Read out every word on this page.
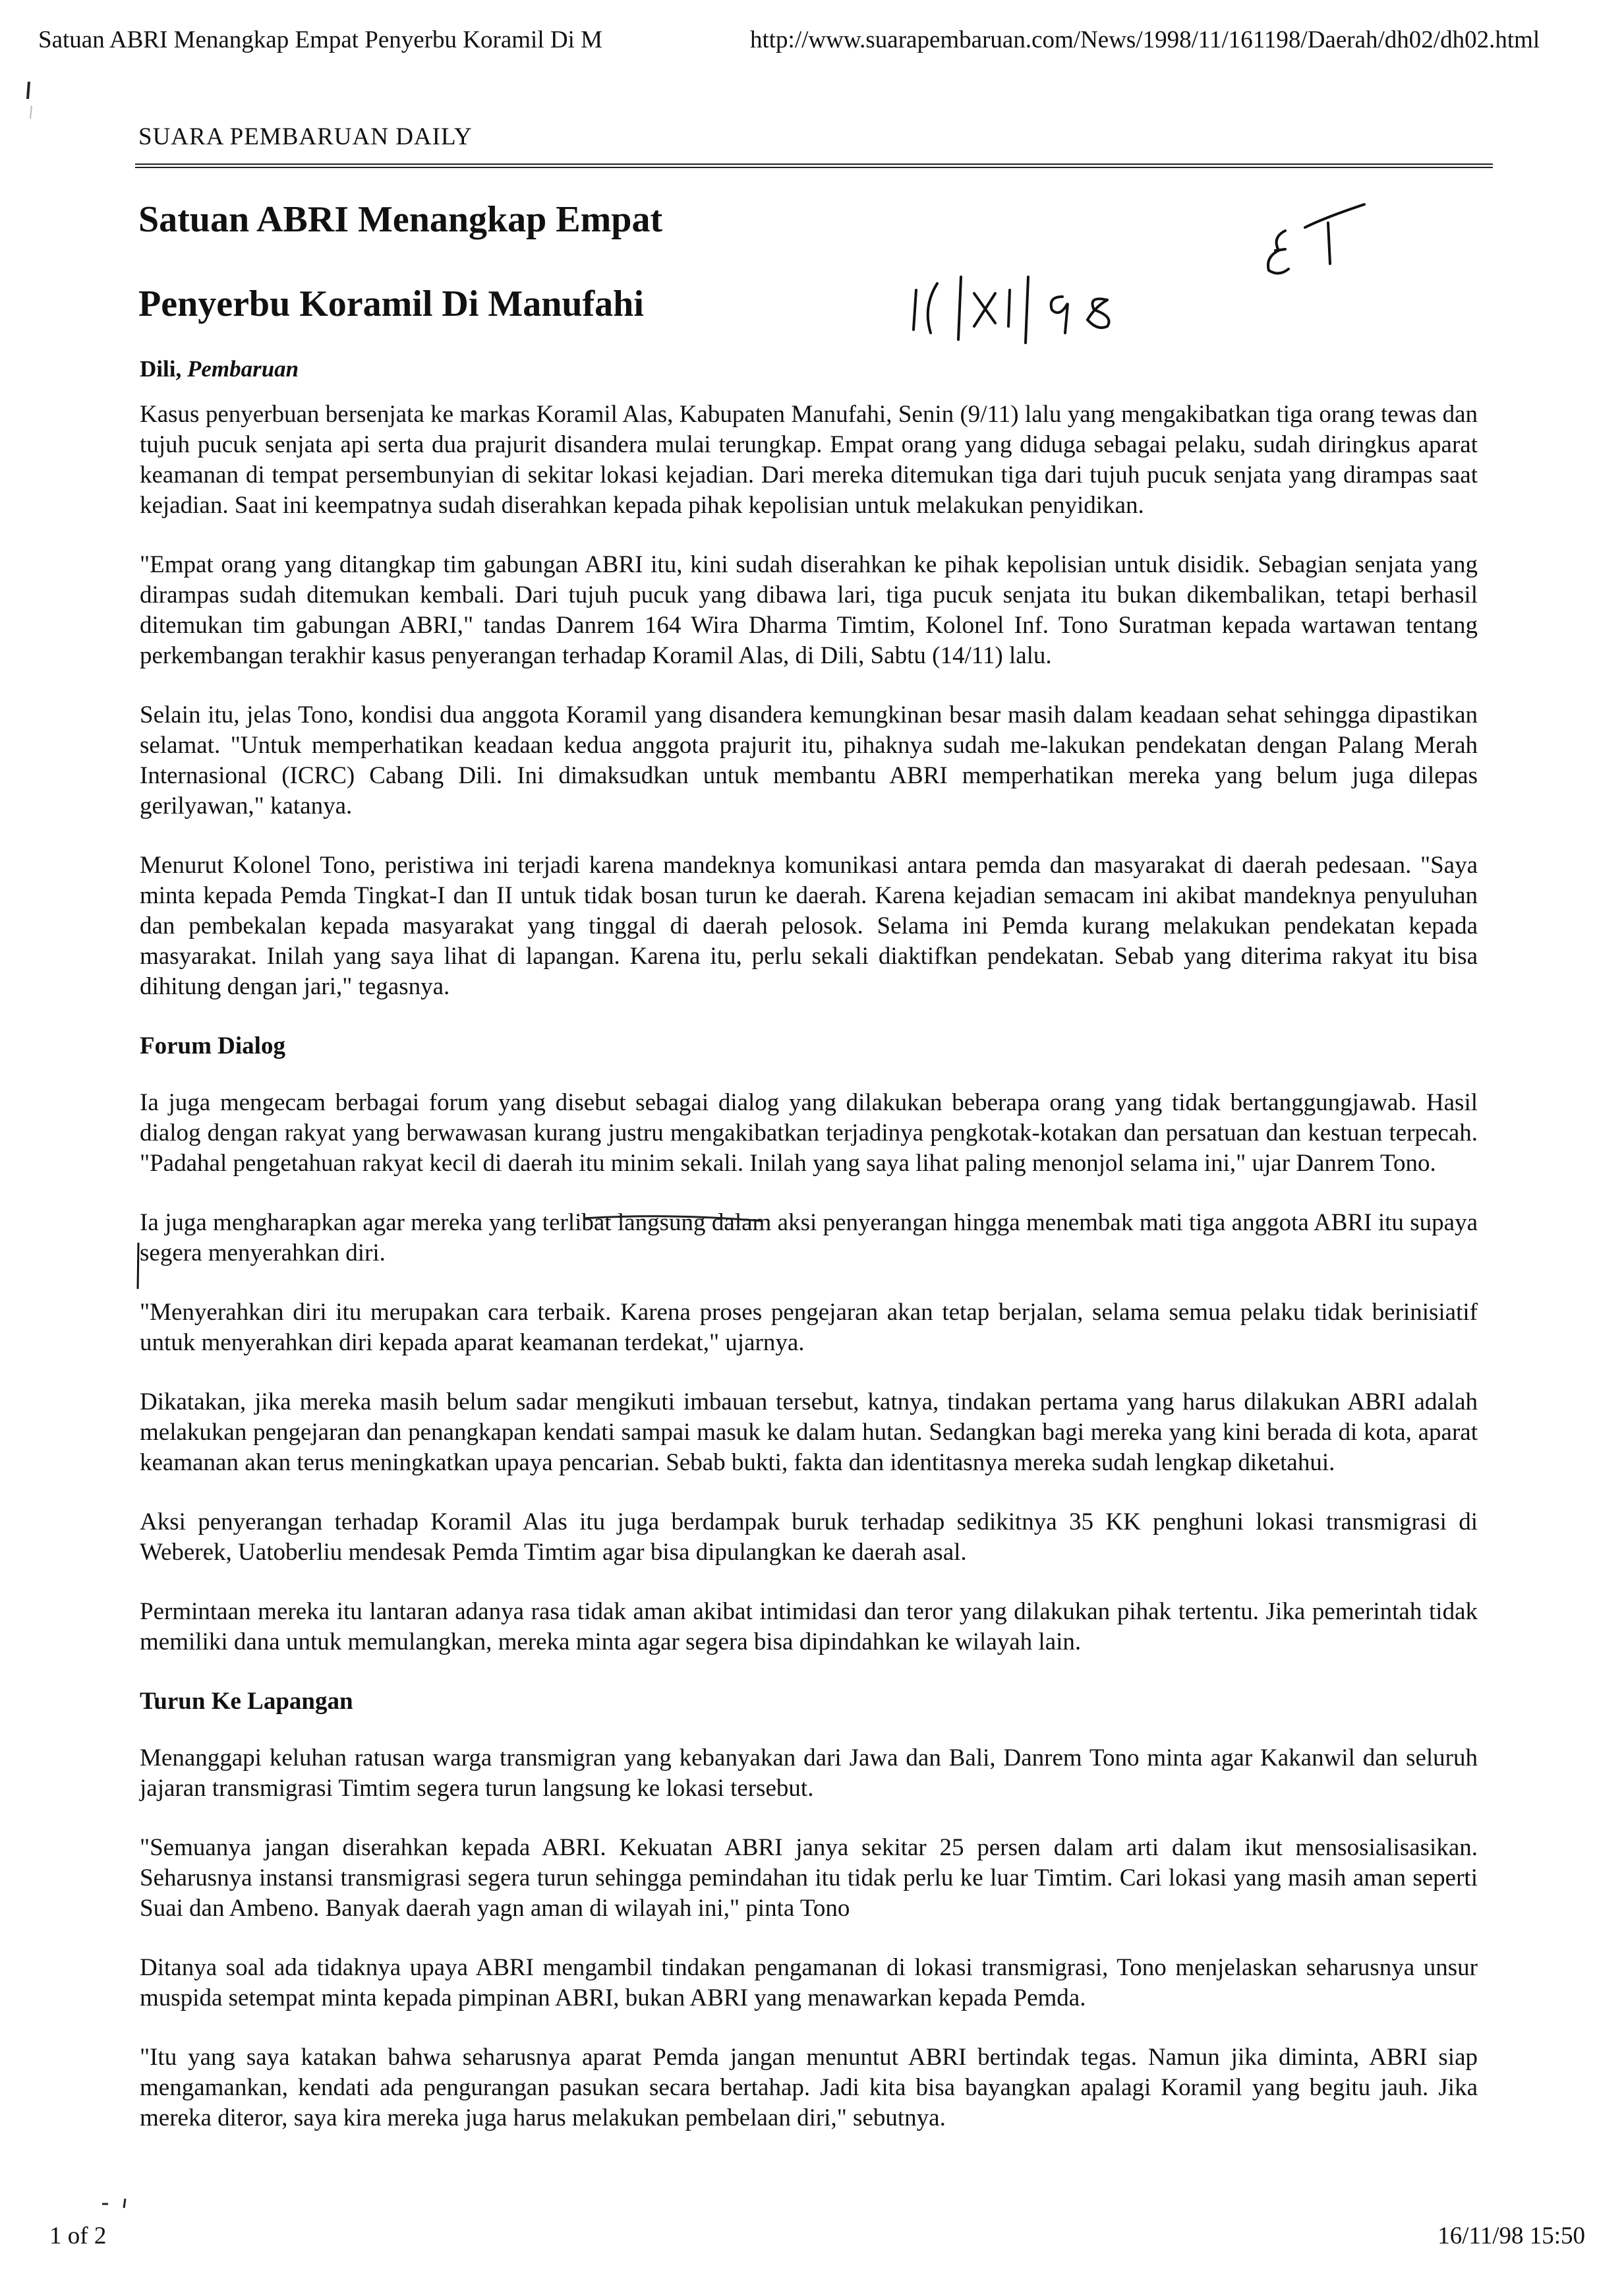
Satuan ABRI Menangkap Empat Penyerbu Koramil Di M	http://www.suarapembaruan.com/News/1998/11/161198/Daerah/dh02/dh02.html
SUARA PEMBARUAN DAILY
Satuan ABRI Menangkap Empat
Penyerbu Koramil Di Manufahi
Dili, Pembaruan

Kasus penyerbuan bersenjata ke markas Koramil Alas, Kabupaten Manufahi, Senin (9/11) lalu yang mengakibatkan tiga orang tewas dan tujuh pucuk senjata api serta dua prajurit disandera mulai terungkap. Empat orang yang diduga sebagai pelaku, sudah diringkus aparat keamanan di tempat persembunyian di sekitar lokasi kejadian. Dari mereka ditemukan tiga dari tujuh pucuk senjata yang dirampas saat kejadian. Saat ini keempatnya sudah diserahkan kepada pihak kepolisian untuk melakukan penyidikan.

"Empat orang yang ditangkap tim gabungan ABRI itu, kini sudah diserahkan ke pihak kepolisian untuk disidik. Sebagian senjata yang dirampas sudah ditemukan kembali. Dari tujuh pucuk yang dibawa lari, tiga pucuk senjata itu bukan dikembalikan, tetapi berhasil ditemukan tim gabungan ABRI," tandas Danrem 164 Wira Dharma Timtim, Kolonel Inf. Tono Suratman kepada wartawan tentang perkembangan terakhir kasus penyerangan terhadap Koramil Alas, di Dili, Sabtu (14/11) lalu.

Selain itu, jelas Tono, kondisi dua anggota Koramil yang disandera kemungkinan besar masih dalam keadaan sehat sehingga dipastikan selamat. "Untuk memperhatikan keadaan kedua anggota prajurit itu, pihaknya sudah me-lakukan pendekatan dengan Palang Merah Internasional (ICRC) Cabang Dili. Ini dimaksudkan untuk membantu ABRI memperhatikan mereka yang belum juga dilepas gerilyawan," katanya.

Menurut Kolonel Tono, peristiwa ini terjadi karena mandeknya komunikasi antara pemda dan masyarakat di daerah pedesaan. "Saya minta kepada Pemda Tingkat-I dan II untuk tidak bosan turun ke daerah. Karena kejadian semacam ini akibat mandeknya penyuluhan dan pembekalan kepada masyarakat yang tinggal di daerah pelosok. Selama ini Pemda kurang melakukan pendekatan kepada masyarakat. Inilah yang saya lihat di lapangan. Karena itu, perlu sekali diaktifkan pendekatan. Sebab yang diterima rakyat itu bisa dihitung dengan jari," tegasnya.

Forum Dialog

Ia juga mengecam berbagai forum yang disebut sebagai dialog yang dilakukan beberapa orang yang tidak bertanggungjawab. Hasil dialog dengan rakyat yang berwawasan kurang justru mengakibatkan terjadinya pengkotak-kotakan dan persatuan dan kestuan terpecah. "Padahal pengetahuan rakyat kecil di daerah itu minim sekali. Inilah yang saya lihat paling menonjol selama ini," ujar Danrem Tono.

Ia juga mengharapkan agar mereka yang terlibat langsung dalam aksi penyerangan hingga menembak mati tiga anggota ABRI itu supaya segera menyerahkan diri.

"Menyerahkan diri itu merupakan cara terbaik. Karena proses pengejaran akan tetap berjalan, selama semua pelaku tidak berinisiatif untuk menyerahkan diri kepada aparat keamanan terdekat," ujarnya.

Dikatakan, jika mereka masih belum sadar mengikuti imbauan tersebut, katnya, tindakan pertama yang harus dilakukan ABRI adalah melakukan pengejaran dan penangkapan kendati sampai masuk ke dalam hutan. Sedangkan bagi mereka yang kini berada di kota, aparat keamanan akan terus meningkatkan upaya pencarian. Sebab bukti, fakta dan identitasnya mereka sudah lengkap diketahui.

Aksi penyerangan terhadap Koramil Alas itu juga berdampak buruk terhadap sedikitnya 35 KK penghuni lokasi transmigrasi di Weberek, Uatoberliu mendesak Pemda Timtim agar bisa dipulangkan ke daerah asal.

Permintaan mereka itu lantaran adanya rasa tidak aman akibat intimidasi dan teror yang dilakukan pihak tertentu. Jika pemerintah tidak memiliki dana untuk memulangkan, mereka minta agar segera bisa dipindahkan ke wilayah lain.

Turun Ke Lapangan

Menanggapi keluhan ratusan warga transmigran yang kebanyakan dari Jawa dan Bali, Danrem Tono minta agar Kakanwil dan seluruh jajaran transmigrasi Timtim segera turun langsung ke lokasi tersebut.

"Semuanya jangan diserahkan kepada ABRI. Kekuatan ABRI janya sekitar 25 persen dalam arti dalam ikut mensosialisasikan. Seharusnya instansi transmigrasi segera turun sehingga pemindahan itu tidak perlu ke luar Timtim. Cari lokasi yang masih aman seperti Suai dan Ambeno. Banyak daerah yagn aman di wilayah ini," pinta Tono

Ditanya soal ada tidaknya upaya ABRI mengambil tindakan pengamanan di lokasi transmigrasi, Tono menjelaskan seharusnya unsur muspida setempat minta kepada pimpinan ABRI, bukan ABRI yang menawarkan kepada Pemda.

"Itu yang saya katakan bahwa seharusnya aparat Pemda jangan menuntut ABRI bertindak tegas. Namun jika diminta, ABRI siap mengamankan, kendati ada pengurangan pasukan secara bertahap. Jadi kita bisa bayangkan apalagi Koramil yang begitu jauh. Jika mereka diteror, saya kira mereka juga harus melakukan pembelaan diri," sebutnya.

1 of 2	16/11/98 15:50
